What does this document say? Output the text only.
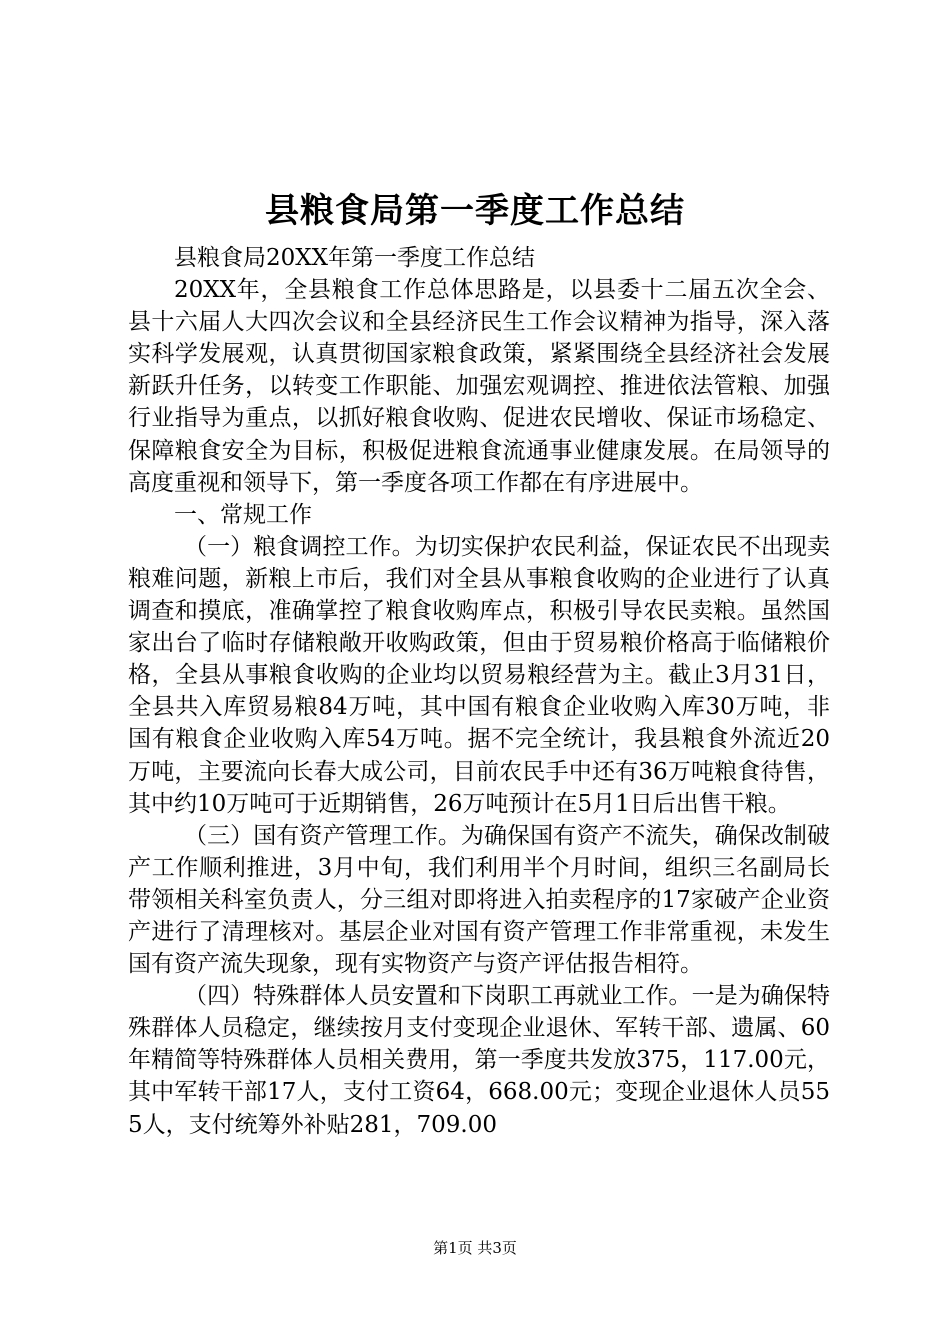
县粮食局第一季度工作总结

县粮食局20XX年第一季度工作总结

20XX年，全县粮食工作总体思路是，以县委十二届五次全会、县十六届人大四次会议和全县经济民生工作会议精神为指导，深入落实科学发展观，认真贯彻国家粮食政策，紧紧围绕全县经济社会发展新跃升任务，以转变工作职能、加强宏观调控、推进依法管粮、加强行业指导为重点，以抓好粮食收购、促进农民增收、保证市场稳定、保障粮食安全为目标，积极促进粮食流通事业健康发展。在局领导的高度重视和领导下，第一季度各项工作都在有序进展中。

一、常规工作

（一）粮食调控工作。为切实保护农民利益，保证农民不出现卖粮难问题，新粮上市后，我们对全县从事粮食收购的企业进行了认真调查和摸底，准确掌控了粮食收购库点，积极引导农民卖粮。虽然国家出台了临时存储粮敞开收购政策，但由于贸易粮价格高于临储粮价格，全县从事粮食收购的企业均以贸易粮经营为主。截止3月31日，全县共入库贸易粮84万吨，其中国有粮食企业收购入库30万吨，非国有粮食企业收购入库54万吨。据不完全统计，我县粮食外流近20万吨，主要流向长春大成公司，目前农民手中还有36万吨粮食待售，其中约10万吨可于近期销售，26万吨预计在5月1日后出售干粮。

（三）国有资产管理工作。为确保国有资产不流失，确保改制破产工作顺利推进，3月中旬，我们利用半个月时间，组织三名副局长带领相关科室负责人，分三组对即将进入拍卖程序的17家破产企业资产进行了清理核对。基层企业对国有资产管理工作非常重视，未发生国有资产流失现象，现有实物资产与资产评估报告相符。

（四）特殊群体人员安置和下岗职工再就业工作。一是为确保特殊群体人员稳定，继续按月支付变现企业退休、军转干部、遗属、60年精简等特殊群体人员相关费用，第一季度共发放375，117.00元，其中军转干部17人，支付工资64，668.00元；变现企业退休人员555人，支付统筹外补贴281，709.00

第1页 共3页
